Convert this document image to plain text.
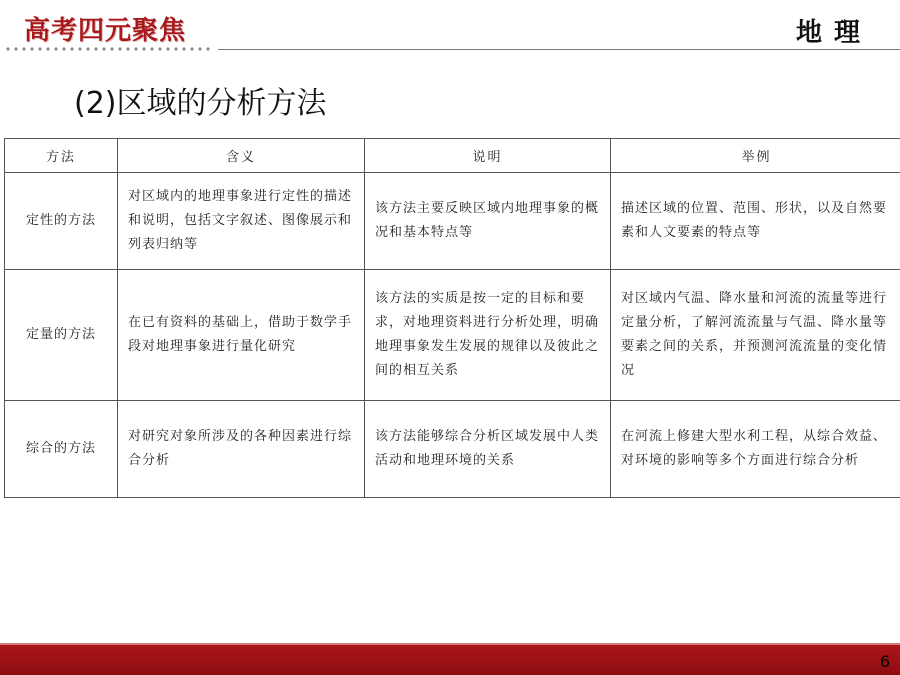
高考四元聚焦	地理
(2)区域的分析方法
方法	含义	说明	举例
定性的方法	对区域内的地理事象进行定性的描述和说明，包括文字叙述、图像展示和列表归纳等	该方法主要反映区域内地理事象的概况和基本特点等	描述区域的位置、范围、形状，以及自然要素和人文要素的特点等
定量的方法	在已有资料的基础上，借助于数学手段对地理事象进行量化研究	该方法的实质是按一定的目标和要求，对地理资料进行分析处理，明确地理事象发生发展的规律以及彼此之间的相互关系	对区域内气温、降水量和河流的流量等进行定量分析，了解河流流量与气温、降水量等要素之间的关系，并预测河流流量的变化情况
综合的方法	对研究对象所涉及的各种因素进行综合分析	该方法能够综合分析区域发展中人类活动和地理环境的关系	在河流上修建大型水利工程，从综合效益、对环境的影响等多个方面进行综合分析
6
